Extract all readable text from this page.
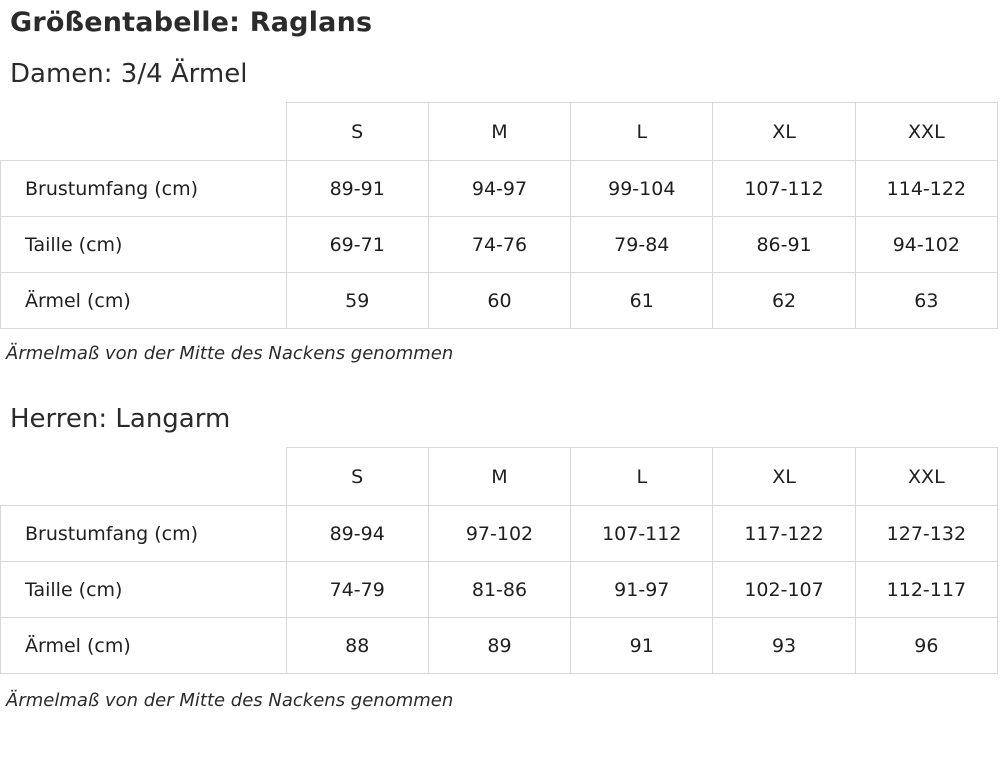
Größentabelle: Raglans
Damen: 3/4 Ärmel
	S	M	L	XL	XXL
Brustumfang (cm)	89-91	94-97	99-104	107-112	114-122
Taille (cm)	69-71	74-76	79-84	86-91	94-102
Ärmel (cm)	59	60	61	62	63
Ärmelmaß von der Mitte des Nackens genommen
Herren: Langarm
	S	M	L	XL	XXL
Brustumfang (cm)	89-94	97-102	107-112	117-122	127-132
Taille (cm)	74-79	81-86	91-97	102-107	112-117
Ärmel (cm)	88	89	91	93	96
Ärmelmaß von der Mitte des Nackens genommen
